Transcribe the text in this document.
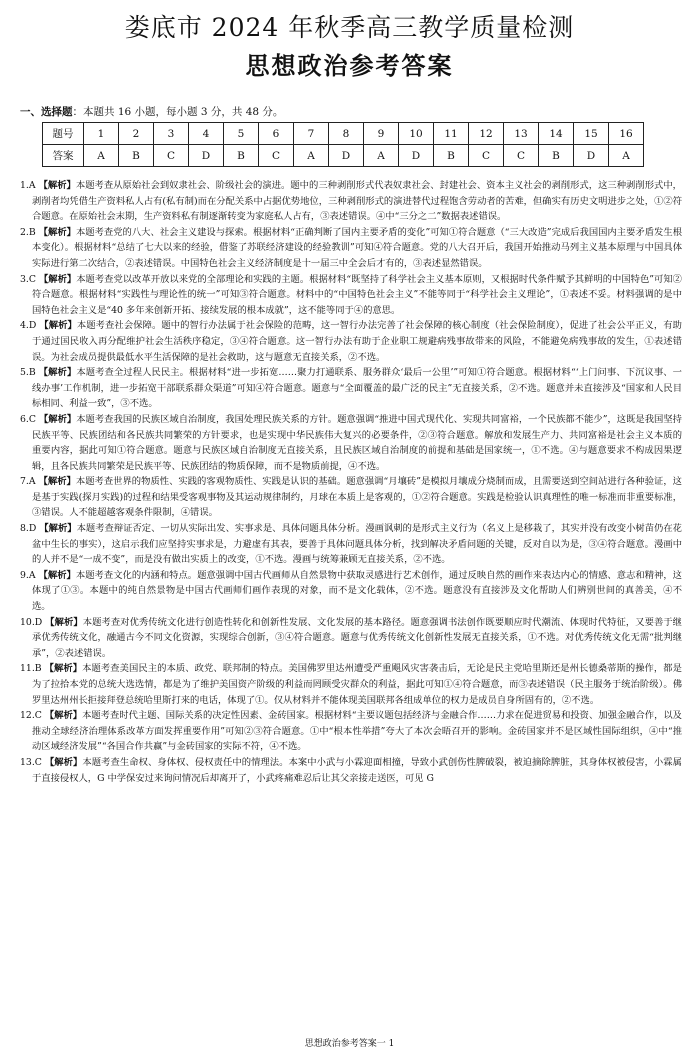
娄底市 2024 年秋季高三教学质量检测
思想政治参考答案
一、选择题：本题共 16 小题，每小题 3 分，共 48 分。
题号	1	2	3	4	5	6	7	8	9	10	11	12	13	14	15	16
答案	A	B	C	D	B	C	A	D	A	D	B	C	C	B	D	A

1.A 【解析】本题考查从原始社会到奴隶社会、阶级社会的演进。题中的三种剥削形式代表奴隶社会、封建社会、资本主义社会的剥削形式，这三种剥削形式中，剥削者均凭借生产资料私人占有(私有制)而在分配关系中占据优势地位，三种剥削形式的演进替代过程饱含劳动者的苦难，但确实有历史文明进步之处，①②符合题意。在原始社会末期，生产资料私有制逐渐转变为家庭私人占有，③表述错误。④中“三分之二”数据表述错误。

2.B 【解析】本题考查党的八大、社会主义建设与探索。根据材料“正确判断了国内主要矛盾的变化”可知①符合题意（“三大改造”完成后我国国内主要矛盾发生根本变化）。根据材料“总结了七大以来的经验，借鉴了苏联经济建设的经验教训”可知④符合题意。党的八大召开后，我国开始推动马列主义基本原理与中国具体实际进行第二次结合，②表述错误。中国特色社会主义经济制度是十一届三中全会后才有的，③表述显然错误。

3.C 【解析】本题考查党以改革开放以来党的全部理论和实践的主题。根据材料“既坚持了科学社会主义基本原则，又根据时代条件赋予其鲜明的中国特色”可知②符合题意。根据材料“实践性与理论性的统一”可知③符合题意。材料中的“中国特色社会主义”不能等同于“科学社会主义理论”，①表述不妥。材料强调的是中国特色社会主义是“40 多年来创新开拓、接续发展的根本成就”，这不能等同于④的意思。

4.D 【解析】本题考查社会保障。题中的智行办法属于社会保险的范畴，这一智行办法完善了社会保障的核心制度（社会保险制度），促进了社会公平正义，有助于通过国民收入再分配维护社会生活秩序稳定，③④符合题意。这一智行办法有助于企业职工规避病残事故带来的风险，不能避免病残事故的发生，①表述错误。为社会成员提供最低水平生活保障的是社会救助，这与题意无直接关系，②不选。

5.B 【解析】本题考查全过程人民民主。根据材料“进一步拓宽……聚力打通联系、服务群众‘最后一公里’”可知①符合题意。根据材料“‘上门问事、下沉议事、一线办事’工作机制，进一步拓宽干部联系群众渠道”可知④符合题意。题意与“全面覆盖的最广泛的民主”无直接关系，②不选。题意并未直接涉及“国家和人民目标相同、利益一致”，③不选。

6.C 【解析】本题考查我国的民族区域自治制度，我国处理民族关系的方针。题意强调“推进中国式现代化、实现共同富裕，一个民族都不能少”，这既是我国坚持民族平等、民族团结和各民族共同繁荣的方针要求，也是实现中华民族伟大复兴的必要条件，②③符合题意。解放和发展生产力、共同富裕是社会主义本质的重要内容，据此可知①符合题意。题意与民族区域自治制度无直接关系，且民族区域自治制度的前提和基础是国家统一，①不选。④与题意要求不构成因果逻辑，且各民族共同繁荣是民族平等、民族团结的物质保障，而不是物质前提，④不选。

7.A 【解析】本题考查世界的物质性、实践的客观物质性、实践是认识的基础。题意强调“月壤砖”是模拟月壤成分烧制而成，且需要送到空间站进行各种验证，这是基于实践(探月实践)的过程和结果受客观事物及其运动规律制约，月球在本质上是客观的，①②符合题意。实践是检验认识真理性的唯一标准而非重要标准，③错误。人不能超越客观条件限制，④错误。

8.D 【解析】本题考查辩证否定、一切从实际出发、实事求是、具体问题具体分析。漫画讽刺的是形式主义行为（名义上是移栽了，其实并没有改变小树苗仍在花盆中生长的事实），这启示我们应坚持实事求是，力避虚有其表，要善于具体问题具体分析，找到解决矛盾问题的关键，反对自以为是，③④符合题意。漫画中的人并不是“一成不变”，而是没有做出实质上的改变，①不选。漫画与统筹兼顾无直接关系，②不选。

9.A 【解析】本题考查文化的内涵和特点。题意强调中国古代画师从自然景物中获取灵感进行艺术创作，通过反映自然的画作来表达内心的情感、意志和精神，这体现了①③。本题中的纯自然景物是中国古代画师们画作表现的对象，而不是文化载体，②不选。题意没有直接涉及文化帮助人们辨别世间的真善美，④不选。

10.D 【解析】本题考查对优秀传统文化进行创造性转化和创新性发展、文化发展的基本路径。题意强调书法创作既要顺应时代潮流、体现时代特征，又要善于继承优秀传统文化，融通古今不同文化资源，实现综合创新，③④符合题意。题意与优秀传统文化创新性发展无直接关系，①不选。对优秀传统文化无需“批判继承”，②表述错误。

11.B 【解析】本题考查美国民主的本质、政党、联邦制的特点。美国佛罗里达州遭受严重飓风灾害袭击后，无论是民主党哈里斯还是州长德桑蒂斯的操作，都是为了拉拾本党的总统大选选情，都是为了维护美国资产阶级的利益而罔顾受灾群众的利益，据此可知①④符合题意，而③表述错误（民主服务于统治阶级）。佛罗里达州州长拒接拜登总统哈里斯打来的电话，体现了①。仅从材料并不能体现美国联邦各组成单位的权力是成员自身所固有的，②不选。

12.C 【解析】本题考查时代主题、国际关系的决定性因素、金砖国家。根据材料“主要议题包括经济与金融合作……力求在促进贸易和投资、加强金融合作，以及推动全球经济治理体系改革方面发挥重要作用”可知②③符合题意。①中“根本性举措”夸大了本次会晤召开的影响。金砖国家并不是区域性国际组织，④中“推动区域经济发展”“各国合作共赢”与金砖国家的实际不符，④不选。

13.C 【解析】本题考查生命权、身体权、侵权责任中的情理法。本案中小武与小霖迎面相撞，导致小武创伤性脾破裂，被迫摘除脾脏，其身体权被侵害，小霖属于直接侵权人，G 中学保安过来询问情况后却离开了，小武疼痛难忍后让其父亲接走送医，可见 G

思想政治参考答案一 1
